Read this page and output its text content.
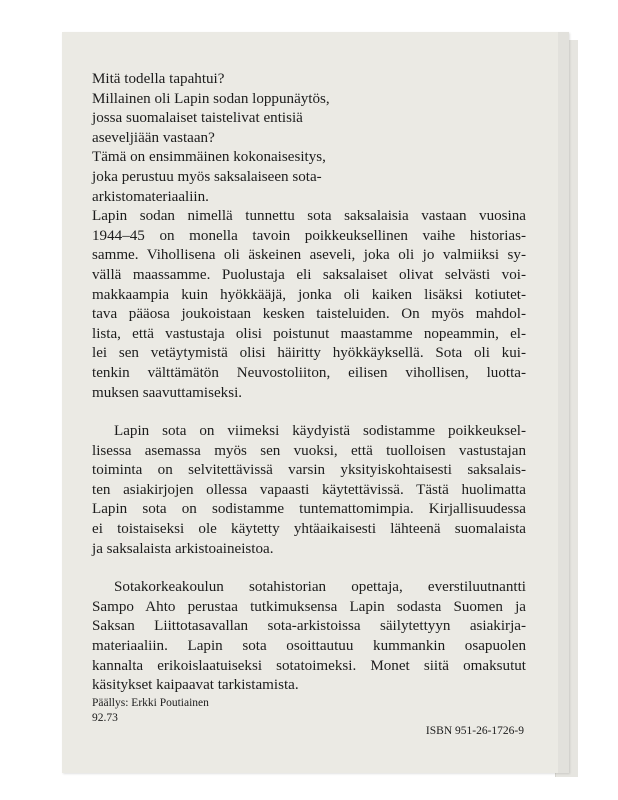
Mitä todella tapahtui?
Millainen oli Lapin sodan loppunäytös,
jossa suomalaiset taistelivat entisiä
aseveljiään vastaan?
Tämä on ensimmäinen kokonaisesitys,
joka perustuu myös saksalaiseen sota-
arkistomateriaaliin.
Lapin sodan nimellä tunnettu sota saksalaisia vastaan vuosina
1944–45 on monella tavoin poikkeuksellinen vaihe historias-
samme. Vihollisena oli äskeinen aseveli, joka oli jo valmiiksi sy-
vällä maassamme. Puolustaja eli saksalaiset olivat selvästi voi-
makkaampia kuin hyökkääjä, jonka oli kaiken lisäksi kotiutet-
tava pääosa joukoistaan kesken taisteluiden. On myös mahdol-
lista, että vastustaja olisi poistunut maastamme nopeammin, el-
lei sen vetäytymistä olisi häiritty hyökkäyksellä. Sota oli kui-
tenkin välttämätön Neuvostoliiton, eilisen vihollisen, luotta-
muksen saavuttamiseksi.
Lapin sota on viimeksi käydyistä sodistamme poikkeuksel-
lisessa asemassa myös sen vuoksi, että tuolloisen vastustajan
toiminta on selvitettävissä varsin yksityiskohtaisesti saksalais-
ten asiakirjojen ollessa vapaasti käytettävissä. Tästä huolimatta
Lapin sota on sodistamme tuntemattomimpia. Kirjallisuudessa
ei toistaiseksi ole käytetty yhtäaikaisesti lähteenä suomalaista
ja saksalaista arkistoaineistoa.
Sotakorkeakoulun sotahistorian opettaja, everstiluutnantti
Sampo Ahto perustaa tutkimuksensa Lapin sodasta Suomen ja
Saksan Liittotasavallan sota-arkistoissa säilytettyyn asiakirja-
materiaaliin. Lapin sota osoittautuu kummankin osapuolen
kannalta erikoislaatuiseksi sotatoimeksi. Monet siitä omaksutut
käsitykset kaipaavat tarkistamista.
Päällys: Erkki Poutiainen
92.73
ISBN 951-26-1726-9
